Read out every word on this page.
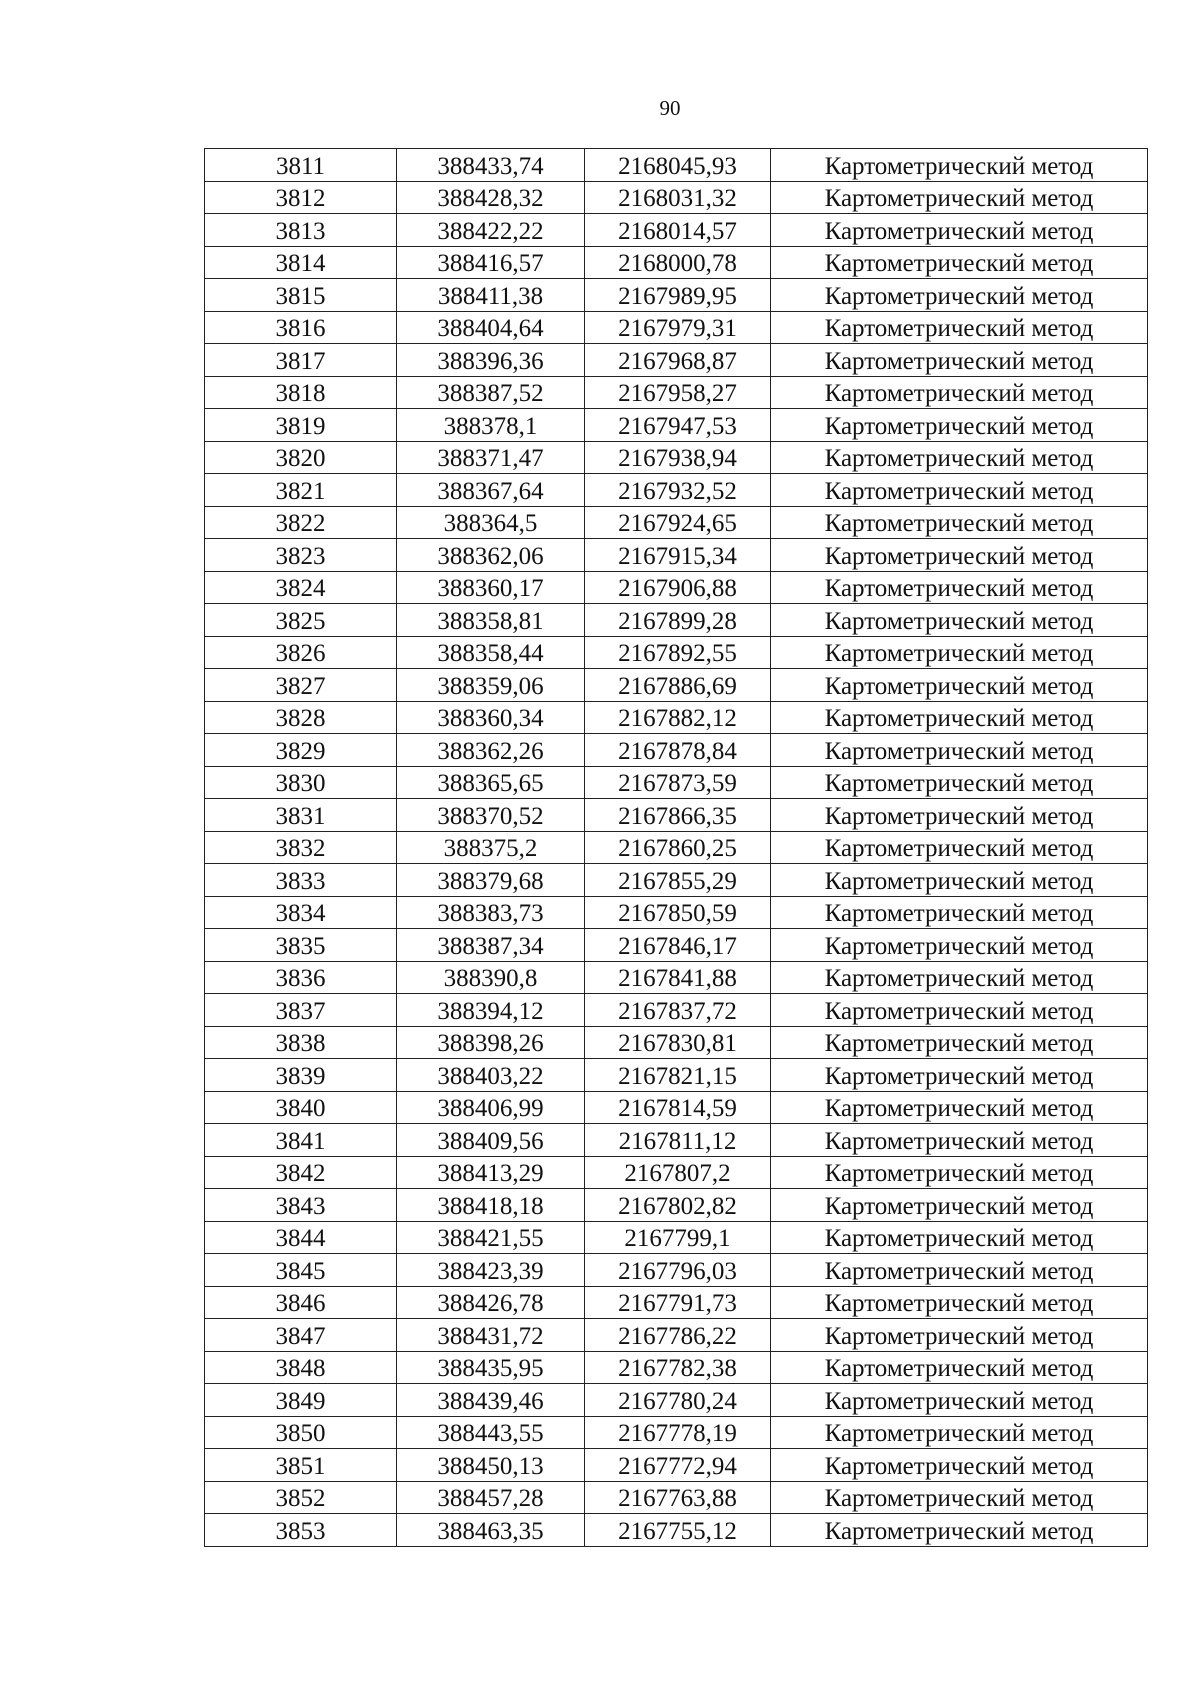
90
3811	388433,74	2168045,93	Картометрический метод
3812	388428,32	2168031,32	Картометрический метод
3813	388422,22	2168014,57	Картометрический метод
3814	388416,57	2168000,78	Картометрический метод
3815	388411,38	2167989,95	Картометрический метод
3816	388404,64	2167979,31	Картометрический метод
3817	388396,36	2167968,87	Картометрический метод
3818	388387,52	2167958,27	Картометрический метод
3819	388378,1	2167947,53	Картометрический метод
3820	388371,47	2167938,94	Картометрический метод
3821	388367,64	2167932,52	Картометрический метод
3822	388364,5	2167924,65	Картометрический метод
3823	388362,06	2167915,34	Картометрический метод
3824	388360,17	2167906,88	Картометрический метод
3825	388358,81	2167899,28	Картометрический метод
3826	388358,44	2167892,55	Картометрический метод
3827	388359,06	2167886,69	Картометрический метод
3828	388360,34	2167882,12	Картометрический метод
3829	388362,26	2167878,84	Картометрический метод
3830	388365,65	2167873,59	Картометрический метод
3831	388370,52	2167866,35	Картометрический метод
3832	388375,2	2167860,25	Картометрический метод
3833	388379,68	2167855,29	Картометрический метод
3834	388383,73	2167850,59	Картометрический метод
3835	388387,34	2167846,17	Картометрический метод
3836	388390,8	2167841,88	Картометрический метод
3837	388394,12	2167837,72	Картометрический метод
3838	388398,26	2167830,81	Картометрический метод
3839	388403,22	2167821,15	Картометрический метод
3840	388406,99	2167814,59	Картометрический метод
3841	388409,56	2167811,12	Картометрический метод
3842	388413,29	2167807,2	Картометрический метод
3843	388418,18	2167802,82	Картометрический метод
3844	388421,55	2167799,1	Картометрический метод
3845	388423,39	2167796,03	Картометрический метод
3846	388426,78	2167791,73	Картометрический метод
3847	388431,72	2167786,22	Картометрический метод
3848	388435,95	2167782,38	Картометрический метод
3849	388439,46	2167780,24	Картометрический метод
3850	388443,55	2167778,19	Картометрический метод
3851	388450,13	2167772,94	Картометрический метод
3852	388457,28	2167763,88	Картометрический метод
3853	388463,35	2167755,12	Картометрический метод
